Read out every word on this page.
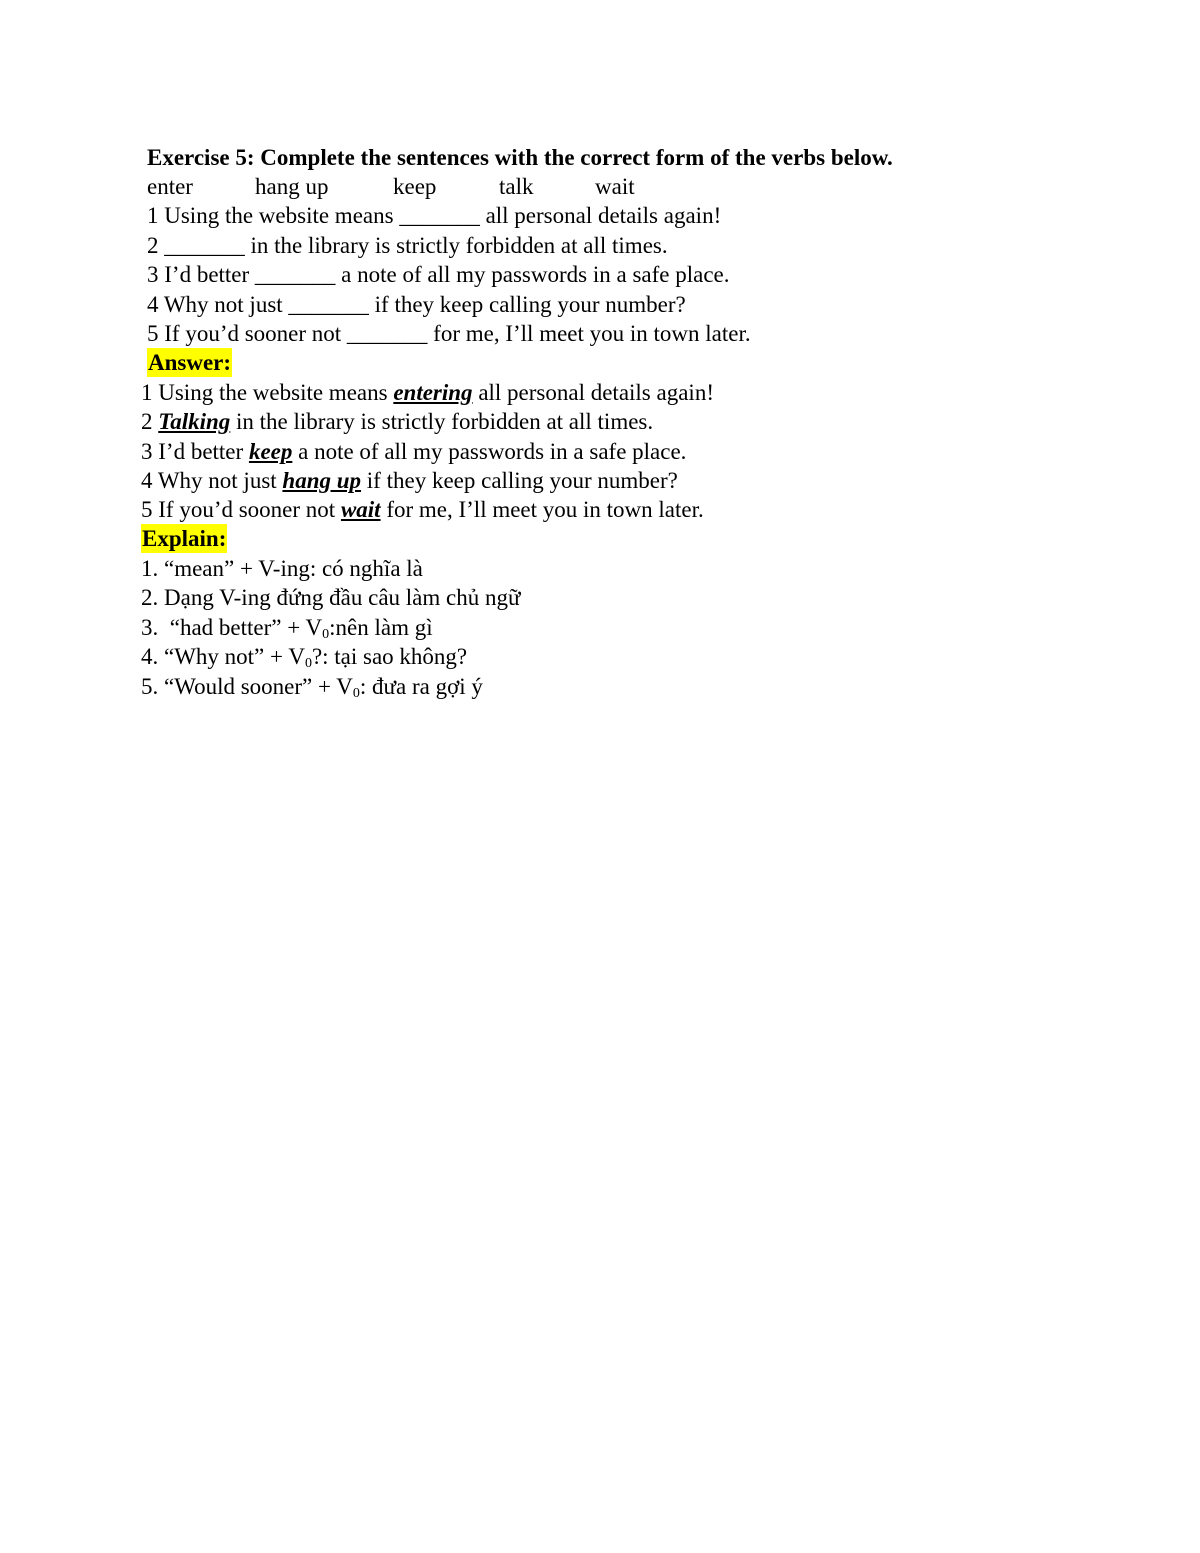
Exercise 5: Complete the sentences with the correct form of the verbs below.

enter

	hang up

	keep

	talk

	wait

1 Using the website means _______ all personal details again!
2 _______ in the library is strictly forbidden at all times.
3 I’d better _______ a note of all my passwords in a safe place.
4 Why not just _______ if they keep calling your number?
5 If you’d sooner not _______ for me, I’ll meet you in town later.
Answer:
1 Using the website means entering all personal details again!
2 Talking in the library is strictly forbidden at all times.
3 I’d better keep a note of all my passwords in a safe place.
4 Why not just hang up if they keep calling your number?
5 If you’d sooner not wait for me, I’ll meet you in town later.
Explain:
1. “mean” + V-ing: có nghĩa là
2. Dạng V-ing đứng đầu câu làm chủ ngữ
3.  “had better” + $V_0:nên$ làm gì
4. “Why not” + $V_0$?: tại sao không?
5. “Would sooner” + $V_0$: đưa ra gợi ý
